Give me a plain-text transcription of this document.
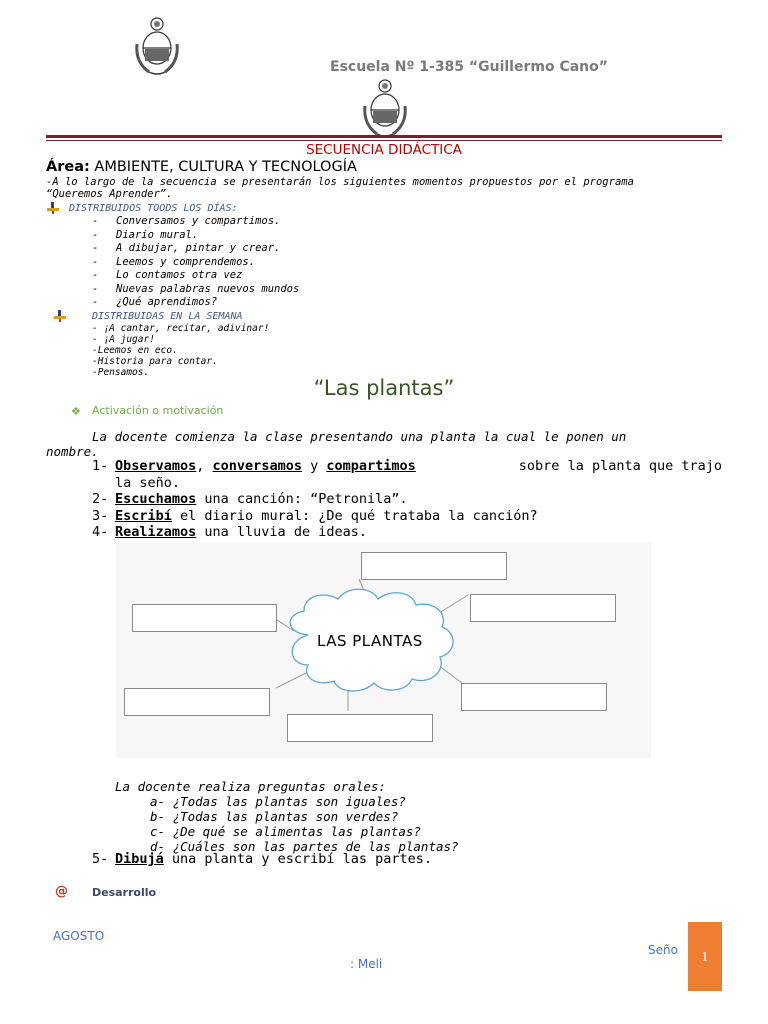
Escuela Nº 1-385 “Guillermo Cano”
SECUENCIA DIDÁCTICA
Área: AMBIENTE, CULTURA Y TECNOLOGÍA
-A lo largo de la secuencia se presentarán los siguientes momentos propuestos por el programa
“Queremos Aprender”.
DISTRIBUIDOS TOODS LOS DÍAS:
- Conversamos y compartimos.
- Diario mural.
- A dibujar, pintar y crear.
- Leemos y comprendemos.
- Lo contamos otra vez
- Nuevas palabras nuevos mundos
- ¿Qué aprendimos?
DISTRIBUIDAS EN LA SEMANA
- ¡A cantar, recitar, adivinar!
- ¡A jugar!
-Leemos en eco.
-Historia para contar.
-Pensamos.
“Las plantas”
❖ Activación o motivación
La docente comienza la clase presentando una planta la cual le ponen un
nombre.
1- Observamos, conversamos y compartimos	sobre la planta que trajo
la seño.
2- Escuchamos una canción: “Petronila”.
3- Escribí el diario mural: ¿De qué trataba la canción?
4- Realizamos una lluvia de ideas.
LAS PLANTAS
La docente realiza preguntas orales:
a- ¿Todas las plantas son iguales?
b- ¿Todas las plantas son verdes?
c- ¿De qué se alimentas las plantas?
d- ¿Cuáles son las partes de las plantas?
5- Dibujá una planta y escribí las partes.
@ Desarrollo
AGOSTO
Seño
: Meli
1
